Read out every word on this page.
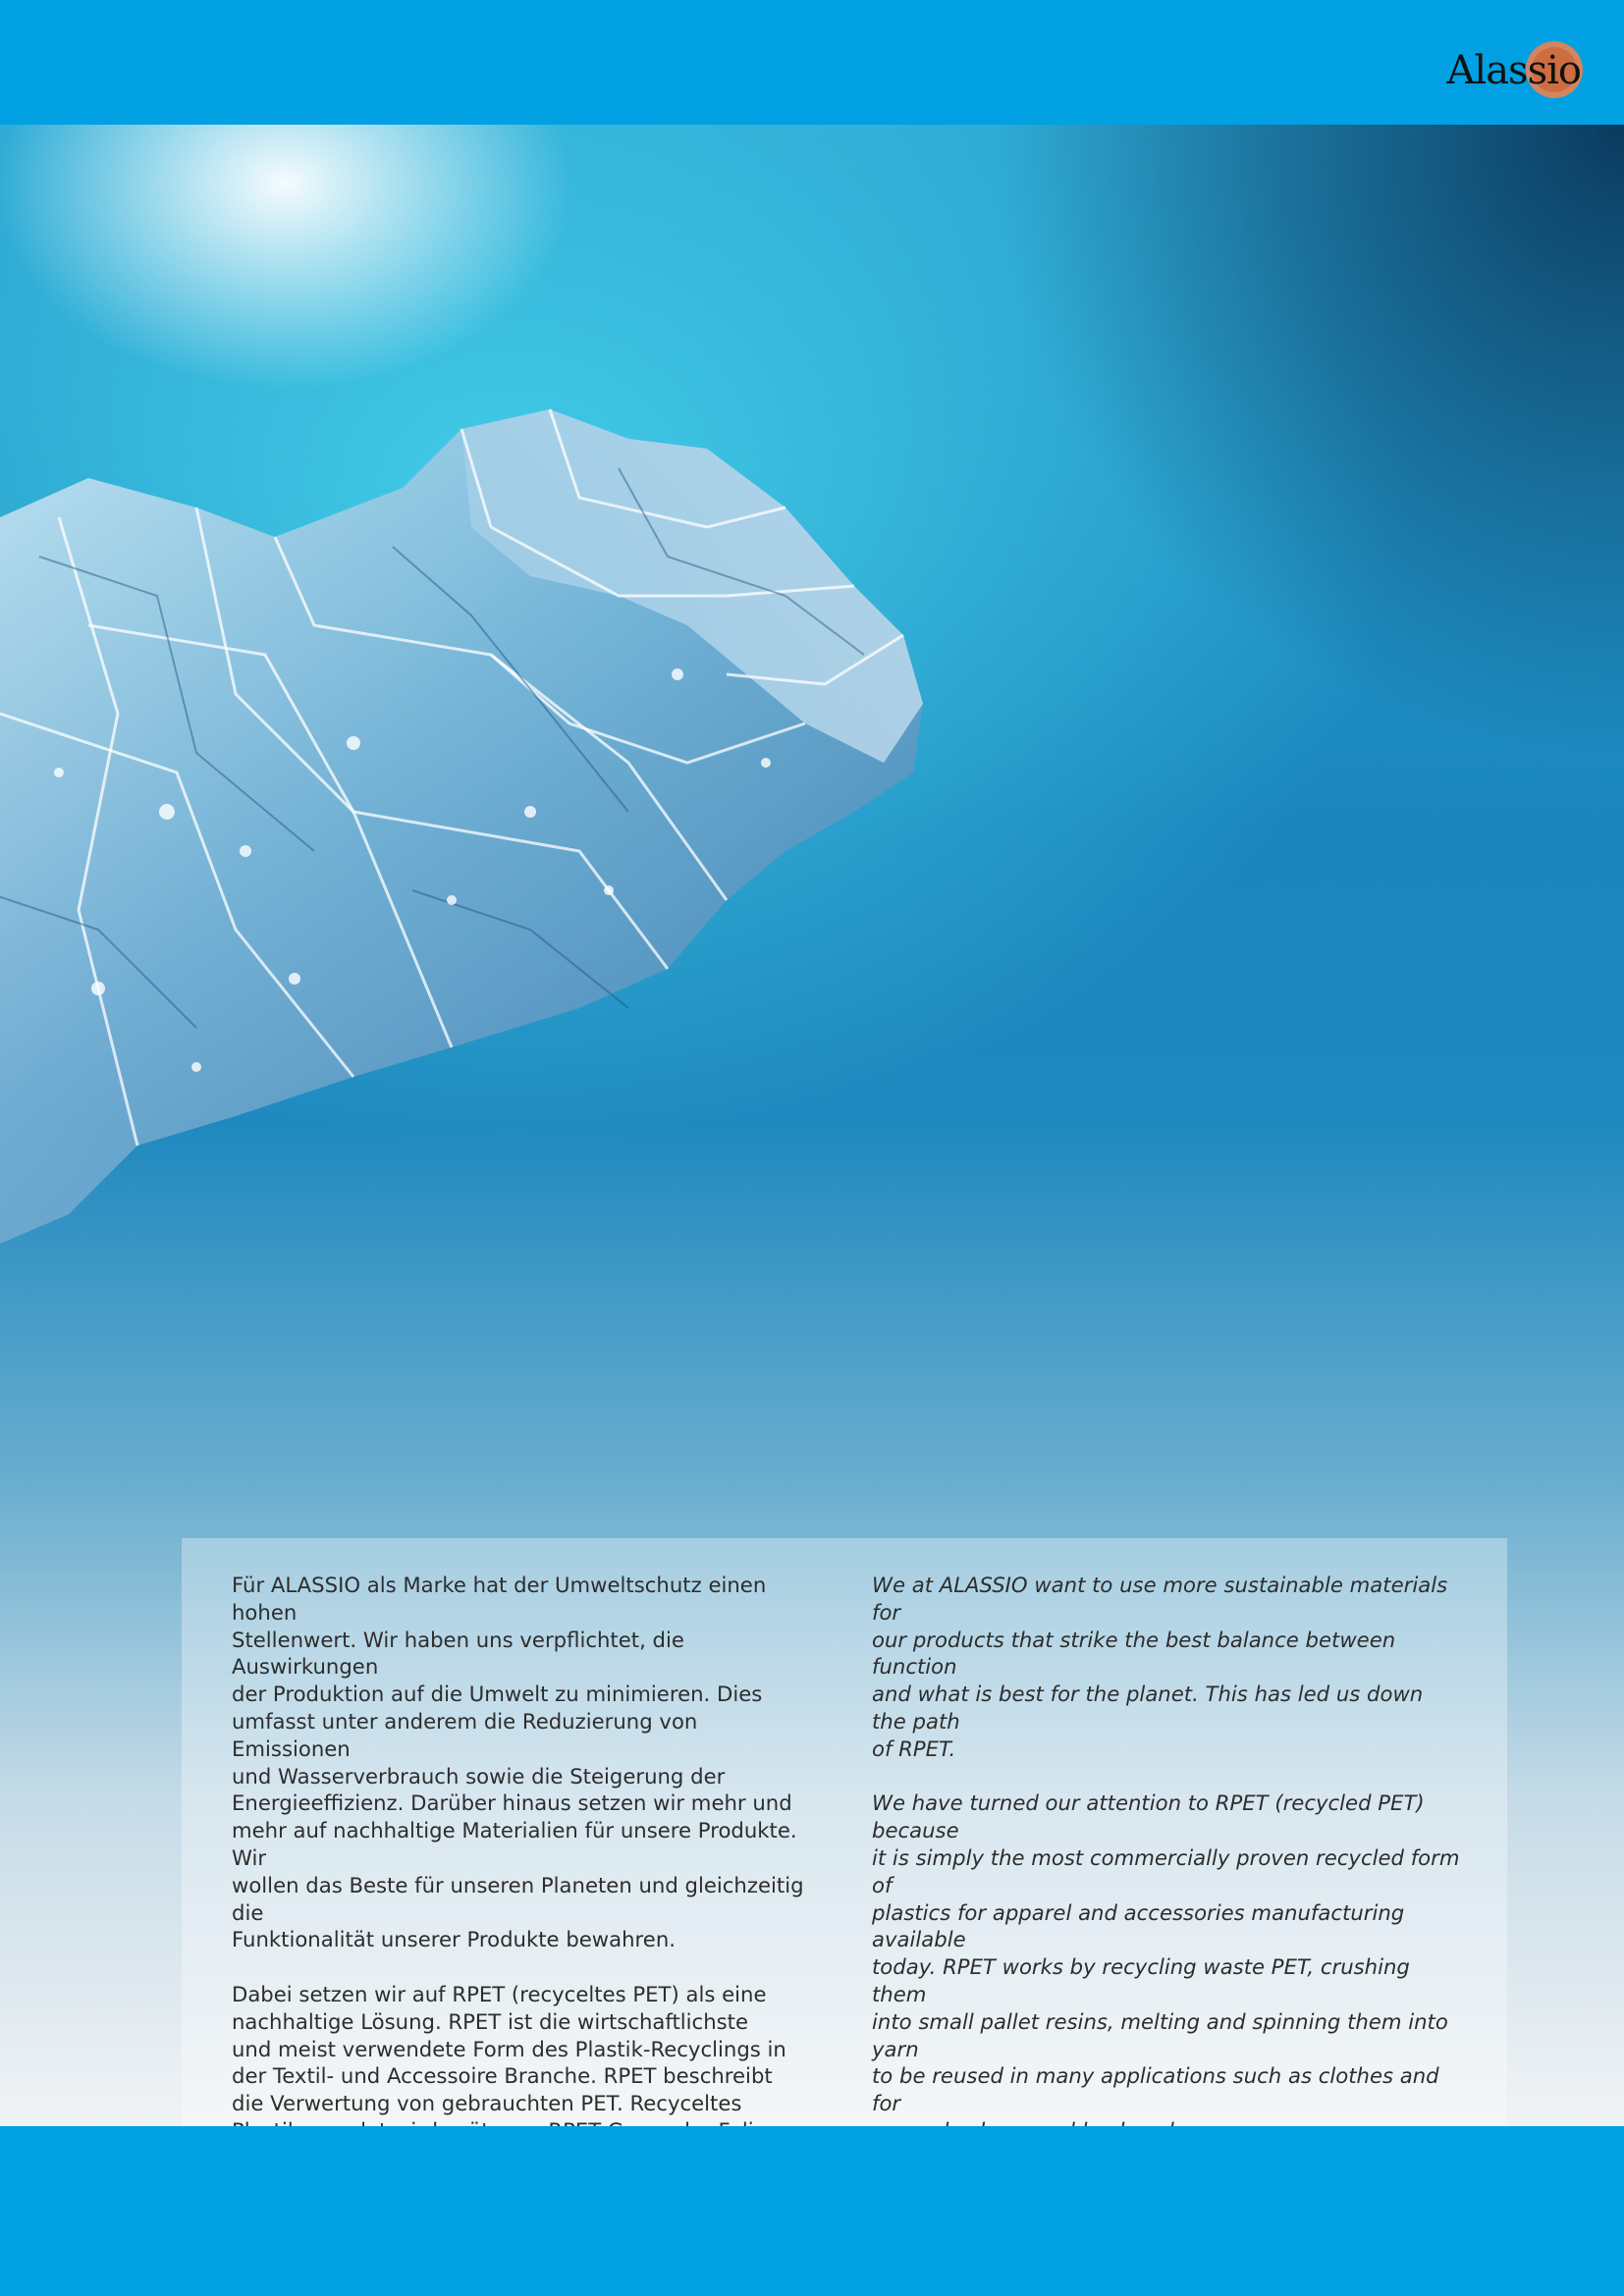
Alassio

Für ALASSIO als Marke hat der Umweltschutz einen hohen
Stellenwert. Wir haben uns verpflichtet, die Auswirkungen
der Produktion auf die Umwelt zu minimieren. Dies
umfasst unter anderem die Reduzierung von Emissionen
und Wasserverbrauch sowie die Steigerung der
Energieeffizienz. Darüber hinaus setzen wir mehr und
mehr auf nachhaltige Materialien für unsere Produkte. Wir
wollen das Beste für unseren Planeten und gleichzeitig die
Funktionalität unserer Produkte bewahren.

Dabei setzen wir auf RPET (recyceltes PET) als eine
nachhaltige Lösung. RPET ist die wirtschaftlichste
und meist verwendete Form des Plastik-Recyclings in
der Textil- und Accessoire Branche. RPET beschreibt
die Verwertung von gebrauchten PET. Recyceltes

We at ALASSIO want to use more sustainable materials for
our products that strike the best balance between function
and what is best for the planet. This has led us down the path
of RPET.

We have turned our attention to RPET (recycled PET) because
it is simply the most commercially proven recycled form of
plastics for apparel and accessories manufacturing available
today. RPET works by recycling waste PET, crushing them
into small pallet resins, melting and spinning them into yarn
to be reused in many applications such as clothes and for
